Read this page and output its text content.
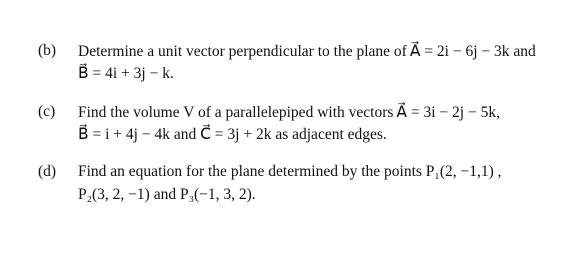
(b) Determine a unit vector perpendicular to the plane of A⃗ = 2i − 6j − 3k and
B⃗ = 4i + 3j − k.
(c) Find the volume V of a parallelepiped with vectors A⃗ = 3i − 2j − 5k,
B⃗ = i + 4j − 4k and C⃗ = 3j + 2k as adjacent edges.
(d) Find an equation for the plane determined by the points P₁(2, −1,1) ,
P₂(3, 2, −1) and P₃(−1, 3, 2).
